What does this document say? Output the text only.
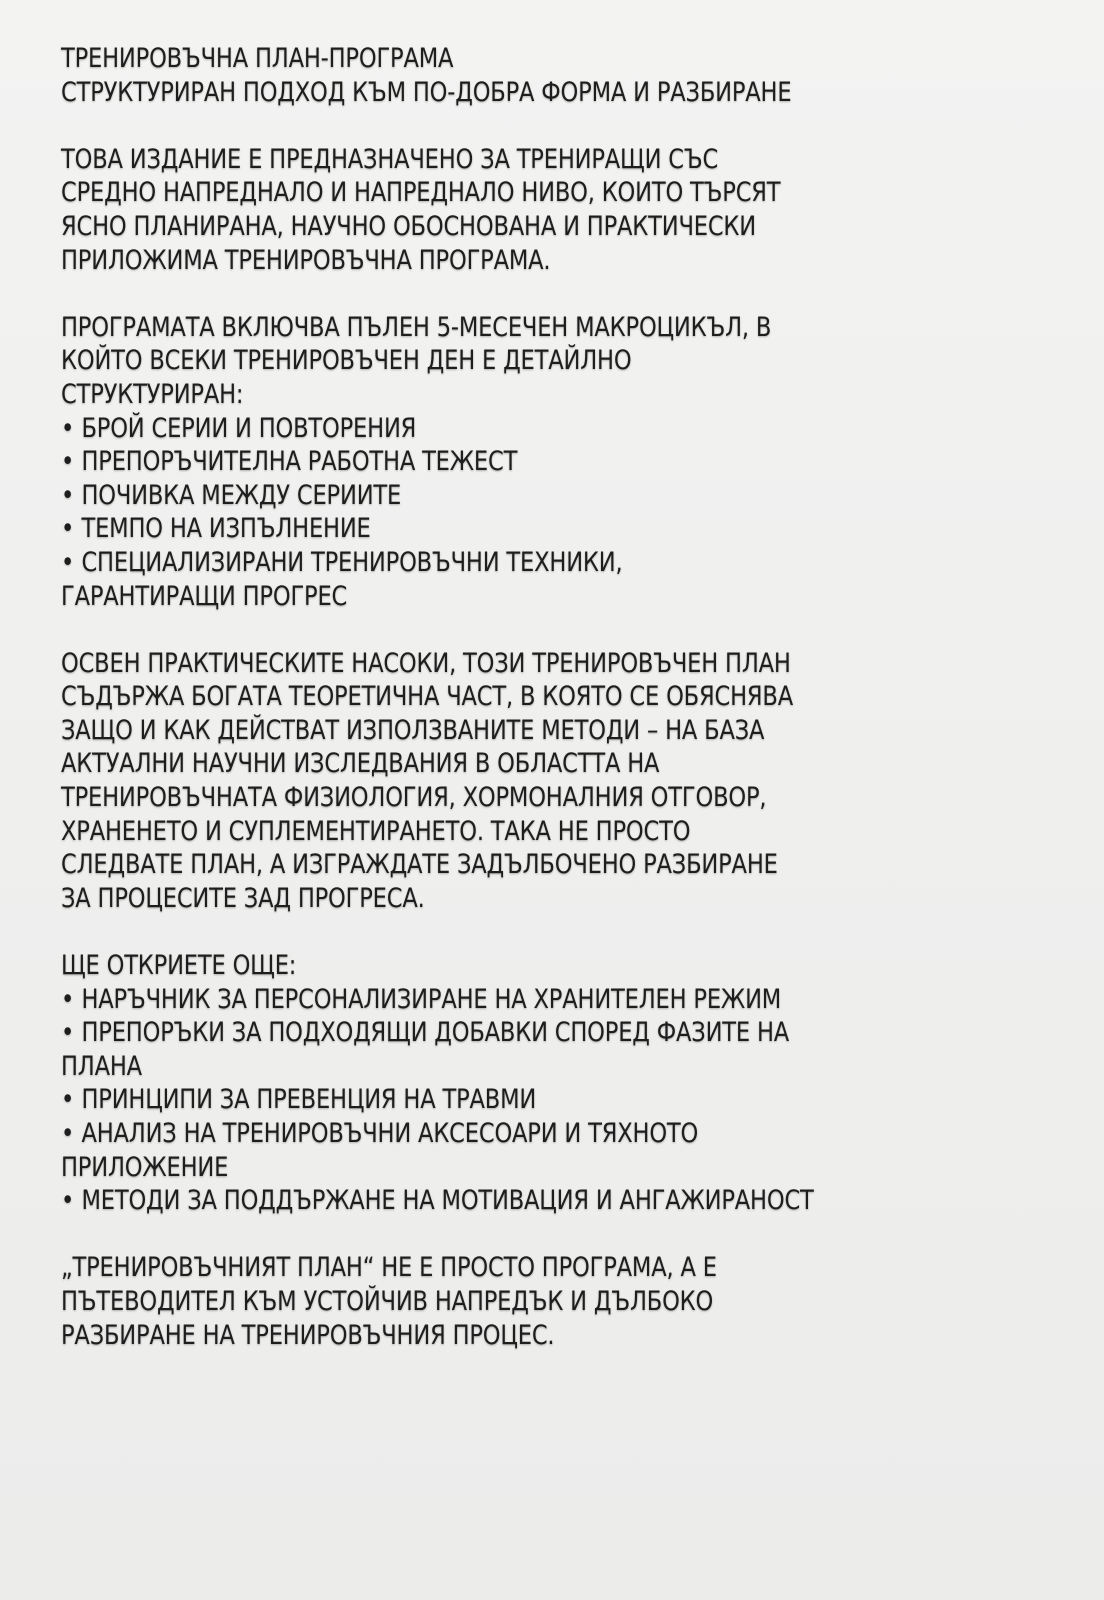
ТРЕНИРОВЪЧНА ПЛАН-ПРОГРАМА
СТРУКТУРИРАН ПОДХОД КЪМ ПО-ДОБРА ФОРМА И РАЗБИРАНЕ
ТОВА ИЗДАНИЕ Е ПРЕДНАЗНАЧЕНО ЗА ТРЕНИРАЩИ СЪС
СРЕДНО НАПРЕДНАЛО И НАПРЕДНАЛО НИВО, КОИТО ТЪРСЯТ
ЯСНО ПЛАНИРАНА, НАУЧНО ОБОСНОВАНА И ПРАКТИЧЕСКИ
ПРИЛОЖИМА ТРЕНИРОВЪЧНА ПРОГРАМА.
ПРОГРАМАТА ВКЛЮЧВА ПЪЛЕН 5-МЕСЕЧЕН МАКРОЦИКЪЛ, В
КОЙТО ВСЕКИ ТРЕНИРОВЪЧЕН ДЕН Е ДЕТАЙЛНО
СТРУКТУРИРАН:
• БРОЙ СЕРИИ И ПОВТОРЕНИЯ
• ПРЕПОРЪЧИТЕЛНА РАБОТНА ТЕЖЕСТ
• ПОЧИВКА МЕЖДУ СЕРИИТЕ
• ТЕМПО НА ИЗПЪЛНЕНИЕ
• СПЕЦИАЛИЗИРАНИ ТРЕНИРОВЪЧНИ ТЕХНИКИ,
ГАРАНТИРАЩИ ПРОГРЕС
ОСВЕН ПРАКТИЧЕСКИТЕ НАСОКИ, ТОЗИ ТРЕНИРОВЪЧЕН ПЛАН
СЪДЪРЖА БОГАТА ТЕОРЕТИЧНА ЧАСТ, В КОЯТО СЕ ОБЯСНЯВА
ЗАЩО И КАК ДЕЙСТВАТ ИЗПОЛЗВАНИТЕ МЕТОДИ – НА БАЗА
АКТУАЛНИ НАУЧНИ ИЗСЛЕДВАНИЯ В ОБЛАСТТА НА
ТРЕНИРОВЪЧНАТА ФИЗИОЛОГИЯ, ХОРМОНАЛНИЯ ОТГОВОР,
ХРАНЕНЕТО И СУПЛЕМЕНТИРАНЕТО. ТАКА НЕ ПРОСТО
СЛЕДВАТЕ ПЛАН, А ИЗГРАЖДАТЕ ЗАДЪЛБОЧЕНО РАЗБИРАНЕ
ЗА ПРОЦЕСИТЕ ЗАД ПРОГРЕСА.
ЩЕ ОТКРИЕТЕ ОЩЕ:
• НАРЪЧНИК ЗА ПЕРСОНАЛИЗИРАНЕ НА ХРАНИТЕЛЕН РЕЖИМ
• ПРЕПОРЪКИ ЗА ПОДХОДЯЩИ ДОБАВКИ СПОРЕД ФАЗИТЕ НА
ПЛАНА
• ПРИНЦИПИ ЗА ПРЕВЕНЦИЯ НА ТРАВМИ
• АНАЛИЗ НА ТРЕНИРОВЪЧНИ АКСЕСОАРИ И ТЯХНОТО
ПРИЛОЖЕНИЕ
• МЕТОДИ ЗА ПОДДЪРЖАНЕ НА МОТИВАЦИЯ И АНГАЖИРАНОСТ
„ТРЕНИРОВЪЧНИЯТ ПЛАН“ НЕ Е ПРОСТО ПРОГРАМА, А Е
ПЪТЕВОДИТЕЛ КЪМ УСТОЙЧИВ НАПРЕДЪК И ДЪЛБОКО
РАЗБИРАНЕ НА ТРЕНИРОВЪЧНИЯ ПРОЦЕС.
